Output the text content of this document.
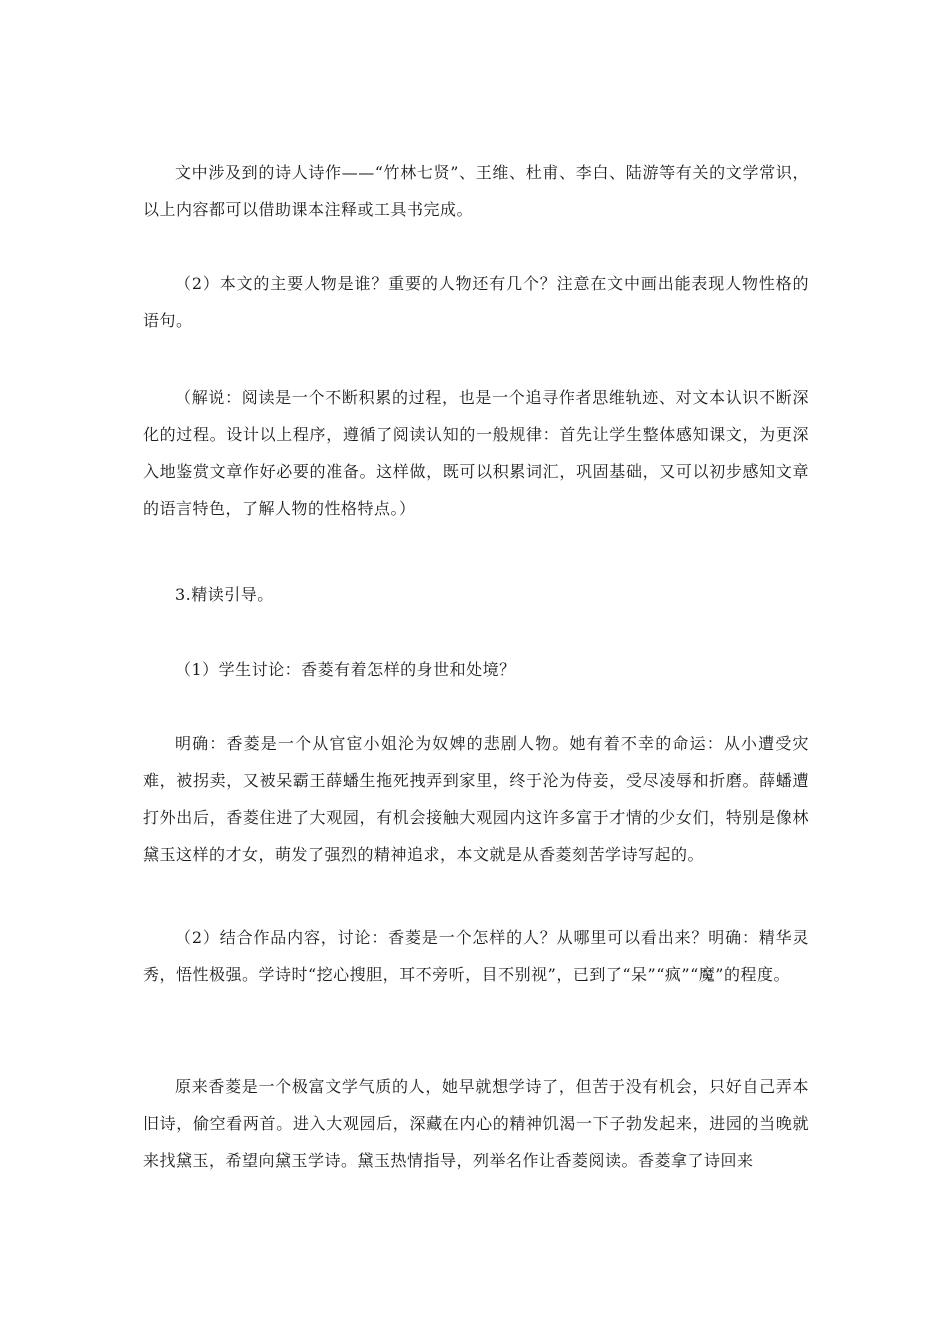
文中涉及到的诗人诗作——“竹林七贤”、王维、杜甫、李白、陆游等有关的文学常识，以上内容都可以借助课本注释或工具书完成。

（2）本文的主要人物是谁？重要的人物还有几个？注意在文中画出能表现人物性格的语句。

（解说：阅读是一个不断积累的过程，也是一个追寻作者思维轨迹、对文本认识不断深化的过程。设计以上程序，遵循了阅读认知的一般规律：首先让学生整体感知课文，为更深入地鉴赏文章作好必要的准备。这样做，既可以积累词汇，巩固基础，又可以初步感知文章的语言特色，了解人物的性格特点。）

3.精读引导。

（1）学生讨论：香菱有着怎样的身世和处境？

明确：香菱是一个从官宦小姐沦为奴婢的悲剧人物。她有着不幸的命运：从小遭受灾难，被拐卖，又被呆霸王薛蟠生拖死拽弄到家里，终于沦为侍妾，受尽凌辱和折磨。薛蟠遭打外出后，香菱住进了大观园，有机会接触大观园内这许多富于才情的少女们，特别是像林黛玉这样的才女，萌发了强烈的精神追求，本文就是从香菱刻苦学诗写起的。

（2）结合作品内容，讨论：香菱是一个怎样的人？从哪里可以看出来？明确：精华灵秀，悟性极强。学诗时“挖心搜胆，耳不旁听，目不别视”，已到了“呆”“疯”“魔”的程度。

原来香菱是一个极富文学气质的人，她早就想学诗了，但苦于没有机会，只好自己弄本旧诗，偷空看两首。进入大观园后，深藏在内心的精神饥渴一下子勃发起来，进园的当晚就来找黛玉，希望向黛玉学诗。黛玉热情指导，列举名作让香菱阅读。香菱拿了诗回来
